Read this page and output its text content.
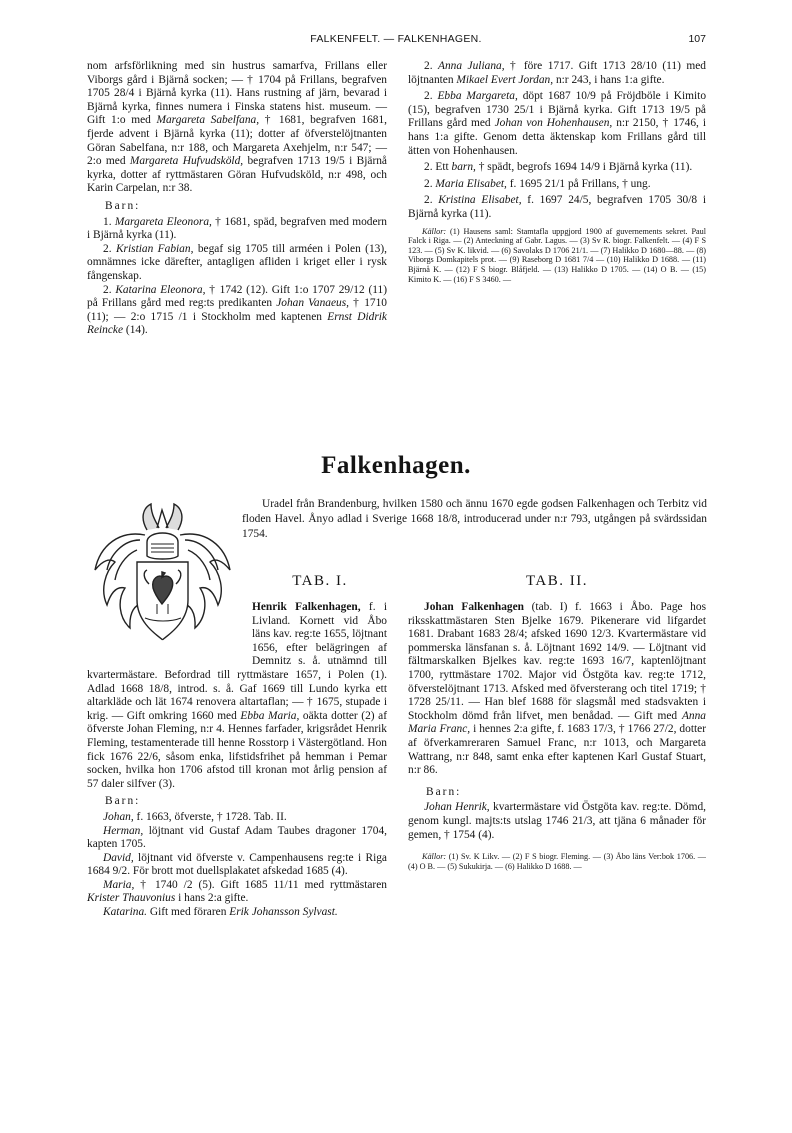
FALKENFELT. — FALKENHAGEN.	107

nom arfsförlikning med sin hustrus samarfva, Frillans eller Viborgs gård i Bjärnå socken; — † 1704 på Frillans, begrafven 1705 28/4 i Bjärnå kyrka (11). Hans rustning af järn, bevarad i Bjärnå kyrka, finnes numera i Finska statens hist. museum. — Gift 1:o med Margareta Sabelfana, † 1681, begrafven 1681, fjerde advent i Bjärnå kyrka (11); dotter af öfverstelöjtnanten Göran Sabelfana, n:r 188, och Margareta Axehjelm, n:r 547; — 2:o med Margareta Hufvudsköld, begrafven 1713 19/5 i Bjärnå kyrka, dotter af ryttmästaren Göran Hufvudsköld, n:r 498, och Karin Carpelan, n:r 38.

Barn:

1. Margareta Eleonora, † 1681, späd, begrafven med modern i Bjärnå kyrka (11).

2. Kristian Fabian, begaf sig 1705 till arméen i Polen (13), omnämnes icke därefter, antagligen afliden i kriget eller i rysk fångenskap.

2. Katarina Eleonora, † 1742 (12). Gift 1:o 1707 29/12 (11) på Frillans gård med reg:ts predikanten Johan Vanaeus, † 1710 (11); — 2:o 1715 /1 i Stockholm med kaptenen Ernst Didrik Reincke (14).

2. Anna Juliana, † före 1717. Gift 1713 28/10 (11) med löjtnanten Mikael Evert Jordan, n:r 243, i hans 1:a gifte.

2. Ebba Margareta, döpt 1687 10/9 på Fröjdböle i Kimito (15), begrafven 1730 25/1 i Bjärnå kyrka. Gift 1713 19/5 på Frillans gård med Johan von Hohenhausen, n:r 2150, † 1746, i hans 1:a gifte. Genom detta äktenskap kom Frillans gård till ätten von Hohenhausen.

2. Ett barn, † spädt, begrofs 1694 14/9 i Bjärnå kyrka (11).

2. Maria Elisabet, f. 1695 21/1 på Frillans, † ung.

2. Kristina Elisabet, f. 1697 24/5, begrafven 1705 30/8 i Bjärnå kyrka (11).

Källor: (1) Hausens saml: Stamtafla uppgjord 1900 af guvernements sekret. Paul Falck i Riga. — (2) Anteckning af Gabr. Lagus. — (3) Sv R. biogr. Falkenfelt. — (4) F S 123. — (5) Sv K. likvid. — (6) Savolaks D 1706 21/1. — (7) Halikko D 1680—88. — (8) Viborgs Domkapitels prot. — (9) Raseborg D 1681 7/4 — (10) Halikko D 1688. — (11) Bjärnå K. — (12) F S biogr. Blåfjeld. — (13) Halikko D 1705. — (14) O B. — (15) Kimito K. — (16) F S 3460. —

Falkenhagen.
Uradel från Brandenburg, hvilken 1580 och ännu 1670 egde godsen Falkenhagen och Terbitz vid floden Havel. Ånyo adlad i Sverige 1668 18/8, introducerad under n:r 793, utgången på svärdssidan 1754.
TAB. I.	TAB. II.

Henrik Falkenhagen, f. i Livland. Kornett vid Åbo läns kav. reg:te 1655, löjtnant 1656, efter belägringen af Demnitz s. å. utnämnd till kvartermästare. Befordrad till ryttmästare 1657, i Polen (1). Adlad 1668 18/8, introd. s. å. Gaf 1669 till Lundo kyrka ett altarkläde och lät 1674 renovera altartaflan; — † 1675, stupade i krig. — Gift omkring 1660 med Ebba Maria, oäkta dotter (2) af öfverste Johan Fleming, n:r 4. Hennes farfader, krigsrådet Henrik Fleming, testamenterade till henne Rosstorp i Västergötland. Hon fick 1676 22/6, såsom enka, lifstidsfrihet på hemman i Pemar socken, hvilka hon 1706 afstod till kronan mot årlig pension af 57 daler silfver (3).

Barn:

Johan, f. 1663, öfverste, † 1728. Tab. II.

Herman, löjtnant vid Gustaf Adam Taubes dragoner 1704, kapten 1705.

David, löjtnant vid öfverste v. Campenhausens reg:te i Riga 1684 9/2. För brott mot duellsplakatet afskedad 1685 (4).

Maria, † 1740 /2 (5). Gift 1685 11/11 med ryttmästaren Krister Thauvonius i hans 2:a gifte.

Katarina. Gift med föraren Erik Johansson Sylvast.

Johan Falkenhagen (tab. I) f. 1663 i Åbo. Page hos riksskattmästaren Sten Bjelke 1679. Pikenerare vid lifgardet 1681. Drabant 1683 28/4; afsked 1690 12/3. Kvartermästare vid pommerska länsfanan s. å. Löjtnant 1692 14/9. — Löjtnant vid fältmarskalken Bjelkes kav. reg:te 1693 16/7, kaptenlöjtnant 1700, ryttmästare 1702. Major vid Östgöta kav. reg:te 1712, öfverstelöjtnant 1713. Afsked med öfversterang och titel 1719; † 1728 25/11. — Han blef 1688 för slagsmål med stadsvakten i Stockholm dömd från lifvet, men benådad. — Gift med Anna Maria Franc, i hennes 2:a gifte, f. 1683 17/3, † 1766 27/2, dotter af öfverkamreraren Samuel Franc, n:r 1013, och Margareta Wattrang, n:r 848, samt enka efter kaptenen Karl Gustaf Stuart, n:r 86.

Barn:

Johan Henrik, kvartermästare vid Östgöta kav. reg:te. Dömd, genom kungl. majts:ts utslag 1746 21/3, att tjäna 6 månader för gemen, † 1754 (4).

Källor: (1) Sv. K Likv. — (2) F S biogr. Fleming. — (3) Åbo läns Ver:bok 1706. — (4) O B. — (5) Sukukirja. — (6) Halikko D 1688. —
